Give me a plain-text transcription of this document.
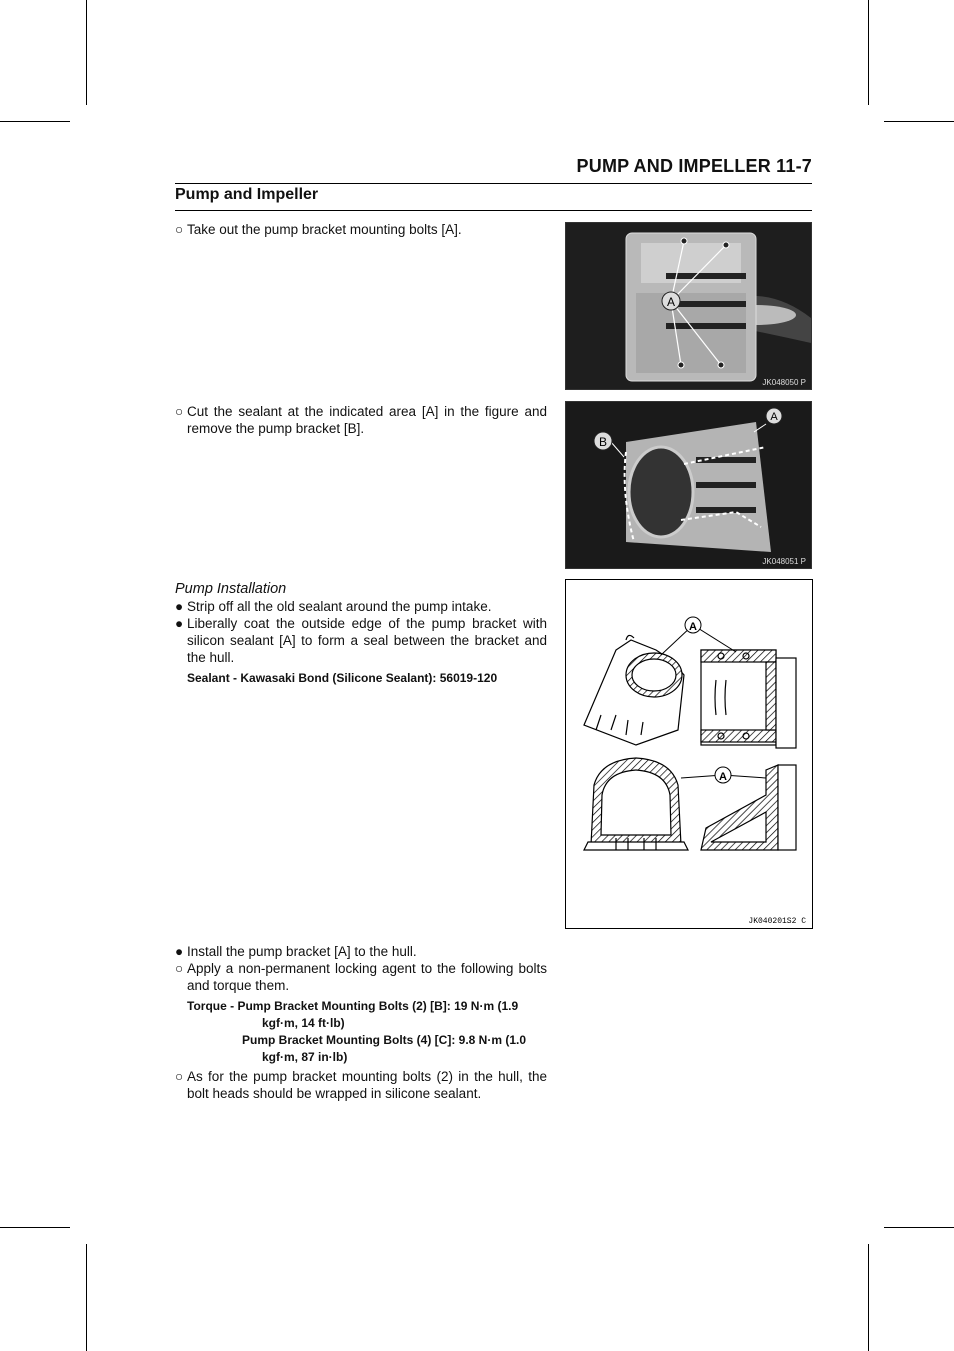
PUMP AND IMPELLER 11-7
Pump and Impeller
○ Take out the pump bracket mounting bolts [A].
A
JK048050 P
○ Cut the sealant at the indicated area [A] in the figure and remove the pump bracket [B].
A
B
JK048051 P
Pump Installation
● Strip off all the old sealant around the pump intake.
● Liberally coat the outside edge of the pump bracket with silicon sealant [A] to form a seal between the bracket and the hull.
Sealant - Kawasaki Bond (Silicone Sealant): 56019-120
A
A
JK040201S2 C
● Install the pump bracket [A] to the hull.
○ Apply a non-permanent locking agent to the following bolts and torque them.
Torque - Pump Bracket Mounting Bolts (2) [B]: 19 N·m (1.9
kgf·m, 14 ft·lb)
Pump Bracket Mounting Bolts (4) [C]: 9.8 N·m (1.0
kgf·m, 87 in·lb)
○ As for the pump bracket mounting bolts (2) in the hull, the bolt heads should be wrapped in silicone sealant.
